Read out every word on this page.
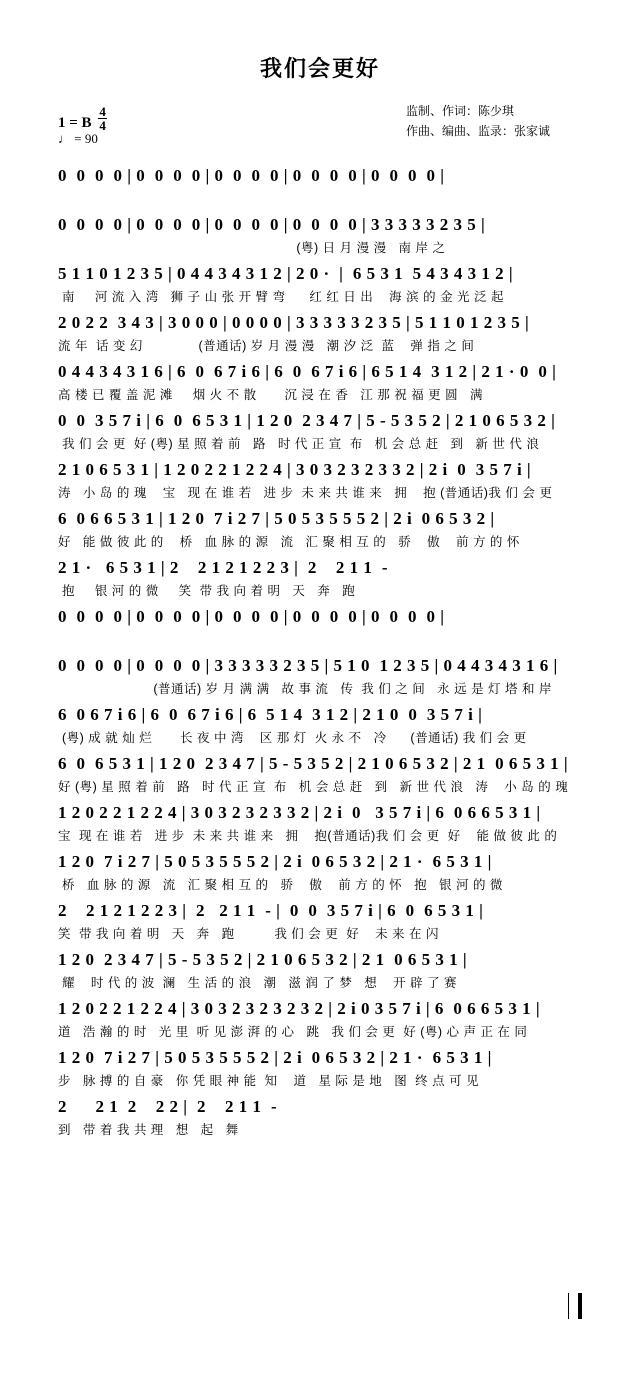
我们会更好
1 = B $\frac{4}{4}$
♩ = 90
监制、作词：陈少琪
作曲、编曲、监录：张家诚
0  0  0  0 | 0  0  0  0 | 0  0  0  0 | 0  0  0  0 | 0  0  0  0 |
0  0  0  0 | 0  0  0  0 | 0  0  0  0 | 0  0  0  0 | 3 3 3 3 3 2 3 5 |
(粤) 日 月 漫 漫   南 岸 之
5 1 1 0 1 2 3 5 | 0 4 4 3 4 3 1 2 | 2 0 ·  |  6 5 3 1  5 4 3 4 3 1 2 |
南     河 流 入 湾   狮 子 山 张 开 臂 弯      红 红 日 出    海 滨 的 金 光 泛 起
2 0 2 2  3 4 3 | 3 0 0 0 | 0 0 0 0 | 3 3 3 3 3 2 3 5 | 5 1 1 0 1 2 3 5 |
流 年  话 变 幻              (普通话) 岁 月 漫 漫   潮 汐 泛  蓝    弹 指 之 间
0 4 4 3 4 3 1 6 | 6  0  6 7 i 6 | 6  0  6 7 i 6 | 6 5 1 4  3 1 2 | 2 1 · 0  0 |
高 楼 已 覆 盖 泥 滩     烟 火 不 散       沉 浸 在 香   江 那 祝 福 更 圆   满
0  0  3 5 7 i | 6  0  6 5 3 1 | 1 2 0  2 3 4 7 | 5 - 5 3 5 2 | 2 1 0 6 5 3 2 |
我 们 会 更  好 (粤) 星 照 着 前   路   时 代 正 宣  布   机 会 总 赶   到   新 世 代 浪
2 1 0 6 5 3 1 | 1 2 0 2 2 1 2 2 4 | 3 0 3 2 3 2 3 3 2 | 2 i  0  3 5 7 i |
涛   小 岛 的 瑰    宝   现 在 谁 若   进 步  未 来 共 谁 来   拥    抱 (普通话)我 们 会 更
6  0 6 6 5 3 1 | 1 2 0  7 i 2 7 | 5 0 5 3 5 5 5 2 | 2 i  0 6 5 3 2 |
好   能 做 彼 此 的    桥   血 脉 的 源   流   汇 聚 相 互 的   骄    傲    前 方 的 怀
2 1 ·   6 5 3 1 | 2    2 1 2 1 2 2 3 |  2    2 1 1  -
抱     银 河 的 微     笑  带 我 向 着 明   天   奔   跑
0  0  0  0 | 0  0  0  0 | 0  0  0  0 | 0  0  0  0 | 0  0  0  0 |
0  0  0  0 | 0  0  0  0 | 3 3 3 3 3 2 3 5 | 5 1 0  1 2 3 5 | 0 4 4 3 4 3 1 6 |
(普通话) 岁 月 满 满   故 事 流   传  我 们 之 间   永 远 是 灯 塔 和 岸
6  0 6 7 i 6 | 6  0  6 7 i 6 | 6  5 1 4  3 1 2 | 2 1 0  0  3 5 7 i |
(粤) 成 就 灿 烂       长 夜 中 湾    区 那 灯  火 永 不   冷      (普通话) 我 们 会 更
6  0  6 5 3 1 | 1 2 0  2 3 4 7 | 5 - 5 3 5 2 | 2 1 0 6 5 3 2 | 2 1  0 6 5 3 1 |
好 (粤) 星 照 着 前   路   时 代 正 宣  布   机 会 总 赶   到   新 世 代 浪   涛    小 岛 的 瑰
1 2 0 2 2 1 2 2 4 | 3 0 3 2 3 2 3 3 2 | 2 i  0   3 5 7 i | 6  0 6 6 5 3 1 |
宝  现 在 谁 若   进 步  未 来 共 谁 来   拥    抱(普通话)我 们 会 更  好    能 做 彼 此 的
1 2 0  7 i 2 7 | 5 0 5 3 5 5 5 2 | 2 i  0 6 5 3 2 | 2 1 ·  6 5 3 1 |
桥   血 脉 的 源   流   汇 聚 相 互 的   骄    傲    前 方 的 怀   抱   银 河 的 微
2    2 1 2 1 2 2 3 |  2   2 1 1  - |  0  0  3 5 7 i | 6  0  6 5 3 1 |
笑  带 我 向 着 明   天   奔   跑          我 们 会 更  好    未 来 在 闪
1 2 0  2 3 4 7 | 5 - 5 3 5 2 | 2 1 0 6 5 3 2 | 2 1  0 6 5 3 1 |
耀    时 代 的 波  澜   生 活 的 浪   潮   滋 润 了 梦   想    开 辟 了 赛
1 2 0 2 2 1 2 2 4 | 3 0 3 2 3 2 3 2 3 2 | 2 i 0 3 5 7 i | 6  0 6 6 5 3 1 |
道   浩 瀚 的 时   光 里  听 见 澎 湃 的 心   跳   我 们 会 更  好 (粤) 心 声 正 在 同
1 2 0  7 i 2 7 | 5 0 5 3 5 5 5 2 | 2 i  0 6 5 3 2 | 2 1 ·  6 5 3 1 |
步   脉 搏 的 自 豪   你 凭 眼 神 能  知    道   星 际 是 地   图  终 点 可 见
2      2 1  2    2 2 |  2    2 1 1  -
到   带 着 我 共 理   想   起   舞
